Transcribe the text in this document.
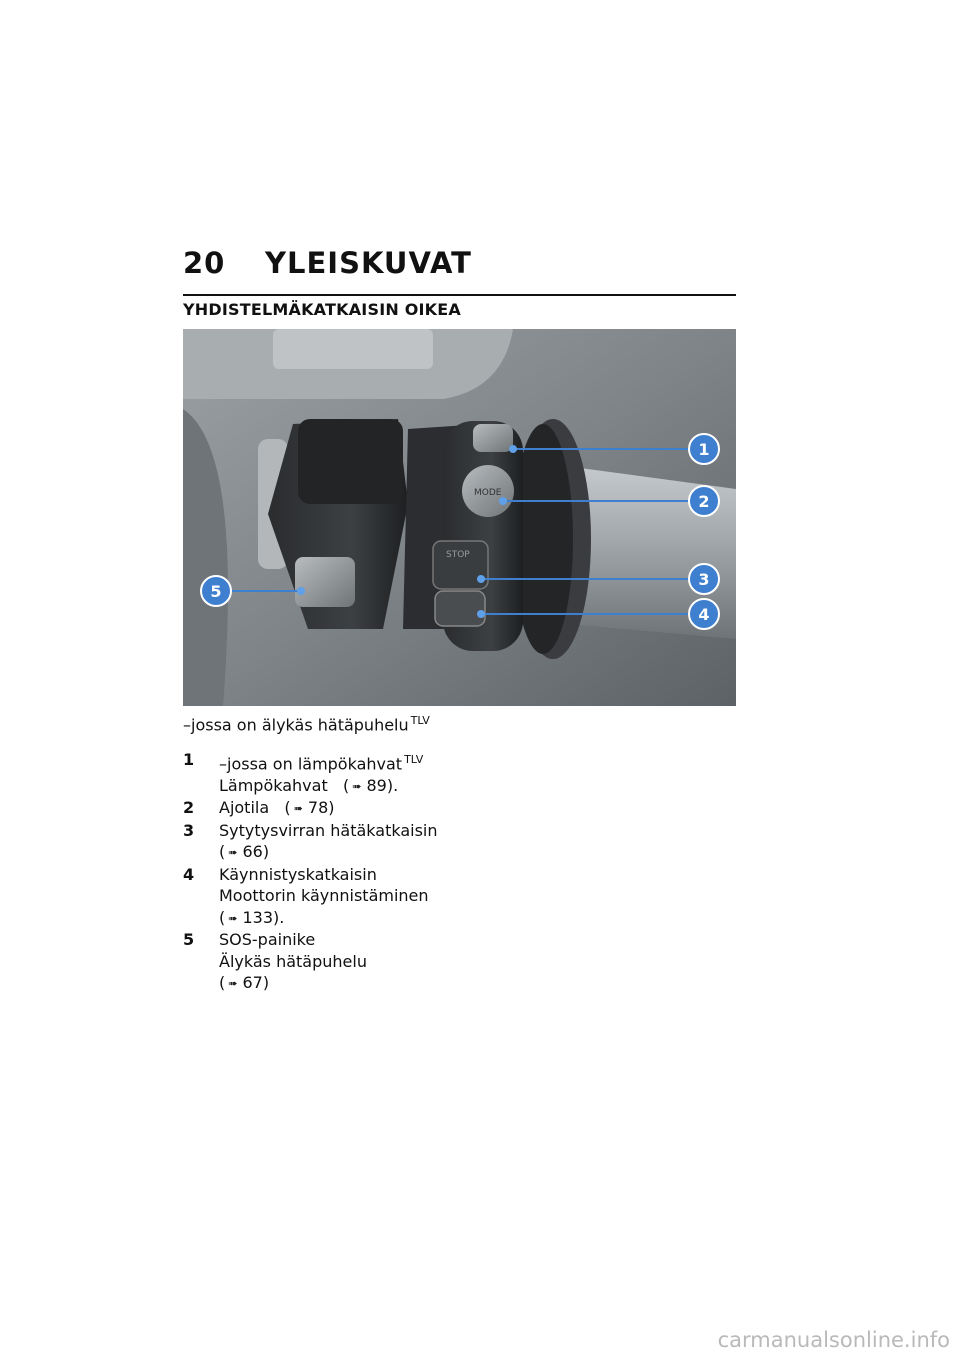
20	YLEISKUVAT
YHDISTELMÄKATKAISIN OIKEA
MODE
STOP
1
2
3
4
5
–jossa on älykäs hätäpuhelu $^{TLV}$
1	–jossa on lämpökahvat $^{TLV}$
Lämpökahvat ( ➠ 89).
2	Ajotila ( ➠ 78)
3	Sytytysvirran hätäkatkaisin
( ➠ 66)
4	Käynnistyskatkaisin
Moottorin käynnistäminen
( ➠ 133).
5	SOS-painike
Älykäs hätäpuhelu
( ➠ 67)
carmanualsonline.info
